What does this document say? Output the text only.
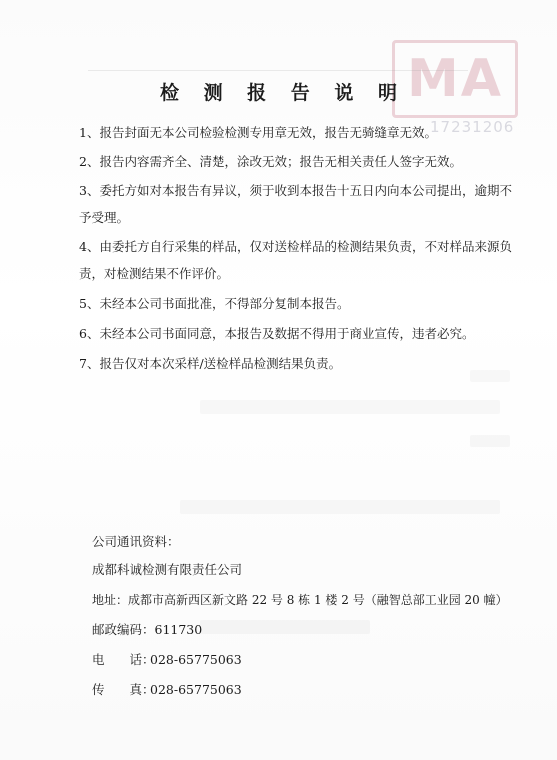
MA
17231206
检 测 报 告 说 明
1、报告封面无本公司检验检测专用章无效，报告无骑缝章无效。
2、报告内容需齐全、清楚，涂改无效；报告无相关责任人签字无效。
3、委托方如对本报告有异议，须于收到本报告十五日内向本公司提出，逾期不予受理。
4、由委托方自行采集的样品，仅对送检样品的检测结果负责，不对样品来源负责，对检测结果不作评价。
5、未经本公司书面批准，不得部分复制本报告。
6、未经本公司书面同意，本报告及数据不得用于商业宣传，违者必究。
7、报告仅对本次采样/送检样品检测结果负责。
公司通讯资料：
成都科诚检测有限责任公司
地址：成都市高新西区新文路 22 号 8 栋 1 楼 2 号（融智总部工业园 20 幢）
邮政编码：611730
电　　话：028-65775063
传　　真：028-65775063
